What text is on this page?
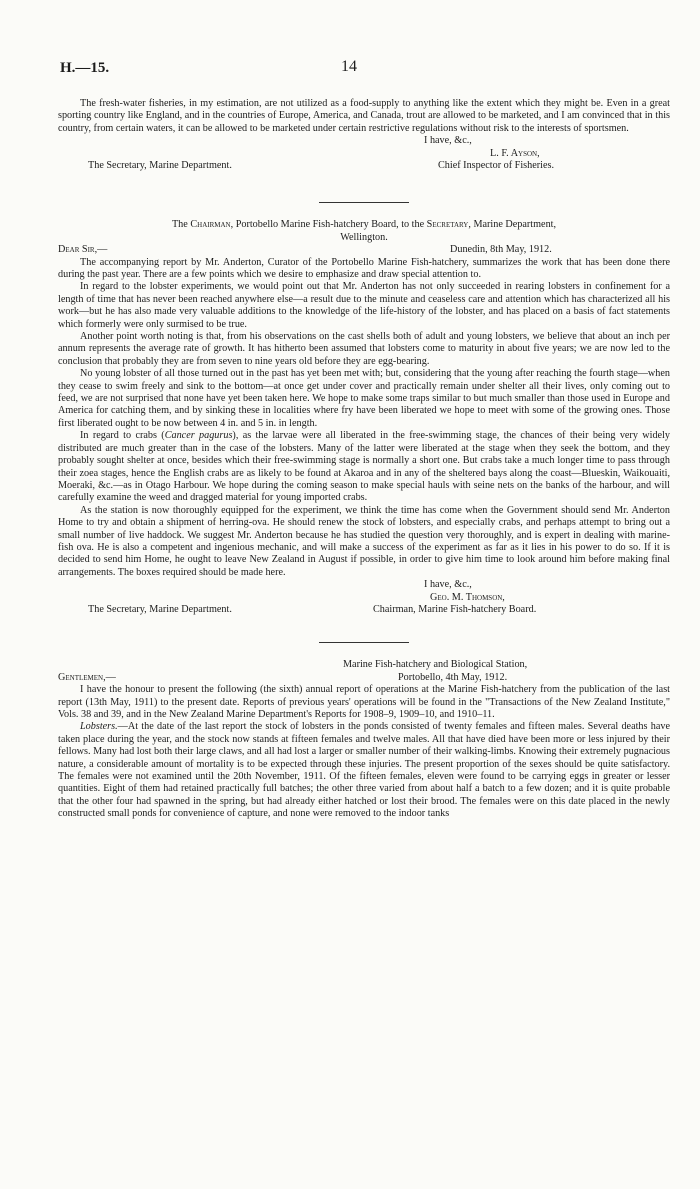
H.—15.	14

The fresh-water fisheries, in my estimation, are not utilized as a food-supply to anything like the extent which they might be. Even in a great sporting country like England, and in the countries of Europe, America, and Canada, trout are allowed to be marketed, and I am convinced that in this country, from certain waters, it can be allowed to be marketed under certain restrictive regulations without risk to the interests of sportsmen.

I have, &c.,
L. F. Ayson,
The Secretary, Marine Department.	Chief Inspector of Fisheries.
The Chairman, Portobello Marine Fish-hatchery Board, to the Secretary, Marine Department,
Wellington.
Dear Sir,—	Dunedin, 8th May, 1912.

The accompanying report by Mr. Anderton, Curator of the Portobello Marine Fish-hatchery, summarizes the work that has been done there during the past year. There are a few points which we desire to emphasize and draw special attention to.

In regard to the lobster experiments, we would point out that Mr. Anderton has not only succeeded in rearing lobsters in confinement for a length of time that has never been reached anywhere else—a result due to the minute and ceaseless care and attention which has characterized all his work—but he has also made very valuable additions to the knowledge of the life-history of the lobster, and has placed on a basis of fact statements which formerly were only surmised to be true.

Another point worth noting is that, from his observations on the cast shells both of adult and young lobsters, we believe that about an inch per annum represents the average rate of growth. It has hitherto been assumed that lobsters come to maturity in about five years; we are now led to the conclusion that probably they are from seven to nine years old before they are egg-bearing.

No young lobster of all those turned out in the past has yet been met with; but, considering that the young after reaching the fourth stage—when they cease to swim freely and sink to the bottom—at once get under cover and practically remain under shelter all their lives, only coming out to feed, we are not surprised that none have yet been taken here. We hope to make some traps similar to but much smaller than those used in Europe and America for catching them, and by sinking these in localities where fry have been liberated we hope to meet with some of the growing ones. Those first liberated ought to be now between 4 in. and 5 in. in length.

In regard to crabs (Cancer pagurus), as the larvae were all liberated in the free-swimming stage, the chances of their being very widely distributed are much greater than in the case of the lobsters. Many of the latter were liberated at the stage when they seek the bottom, and they probably sought shelter at once, besides which their free-swimming stage is normally a short one. But crabs take a much longer time to pass through their zoea stages, hence the English crabs are as likely to be found at Akaroa and in any of the sheltered bays along the coast—Blueskin, Waikouaiti, Moeraki, &c.—as in Otago Harbour. We hope during the coming season to make special hauls with seine nets on the banks of the harbour, and will carefully examine the weed and dragged material for young imported crabs.

As the station is now thoroughly equipped for the experiment, we think the time has come when the Government should send Mr. Anderton Home to try and obtain a shipment of herring-ova. He should renew the stock of lobsters, and especially crabs, and perhaps attempt to bring out a small number of live haddock. We suggest Mr. Anderton because he has studied the question very thoroughly, and is expert in dealing with marine-fish ova. He is also a competent and ingenious mechanic, and will make a success of the experiment as far as it lies in his power to do so. If it is decided to send him Home, he ought to leave New Zealand in August if possible, in order to give him time to look around him before making final arrangements. The boxes required should be made here.

I have, &c.,
Geo. M. Thomson,
The Secretary, Marine Department.	Chairman, Marine Fish-hatchery Board.
Marine Fish-hatchery and Biological Station,
Gentlemen,—	Portobello, 4th May, 1912.

I have the honour to present the following (the sixth) annual report of operations at the Marine Fish-hatchery from the publication of the last report (13th May, 1911) to the present date. Reports of previous years' operations will be found in the "Transactions of the New Zealand Institute," Vols. 38 and 39, and in the New Zealand Marine Department's Reports for 1908–9, 1909–10, and 1910–11.

Lobsters.—At the date of the last report the stock of lobsters in the ponds consisted of twenty females and fifteen males. Several deaths have taken place during the year, and the stock now stands at fifteen females and twelve males. All that have died have been more or less injured by their fellows. Many had lost both their large claws, and all had lost a larger or smaller number of their walking-limbs. Knowing their extremely pugnacious nature, a considerable amount of mortality is to be expected through these injuries. The present proportion of the sexes should be quite satisfactory. The females were not examined until the 20th November, 1911. Of the fifteen females, eleven were found to be carrying eggs in greater or lesser quantities. Eight of them had retained practically full batches; the other three varied from about half a batch to a few dozen; and it is quite probable that the other four had spawned in the spring, but had already either hatched or lost their brood. The females were on this date placed in the newly constructed small ponds for convenience of capture, and none were removed to the indoor tanks
